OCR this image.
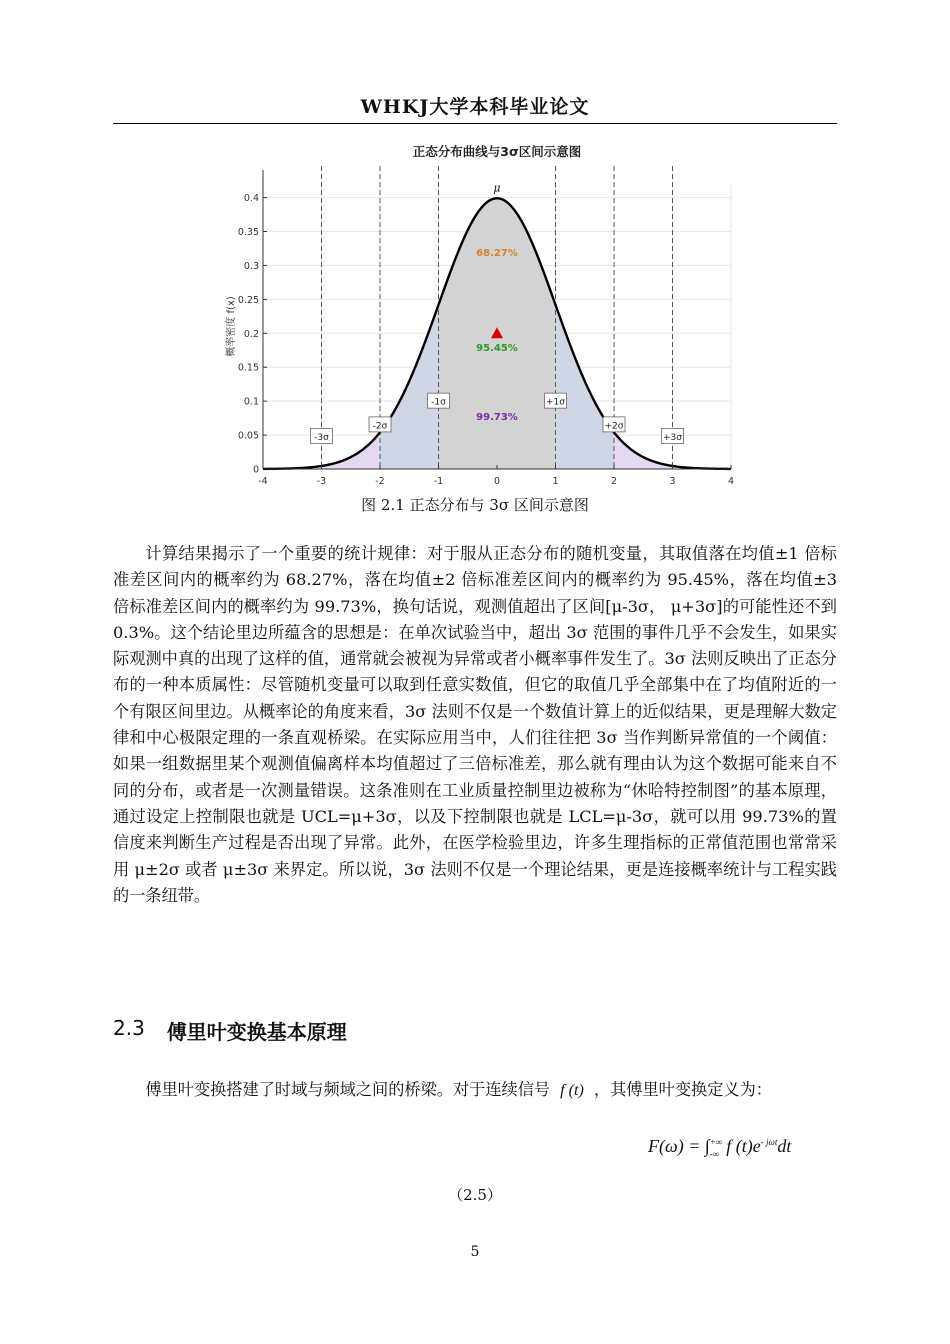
WHKJ大学本科毕业论文
正态分布曲线与3σ区间示意图
-4	-3	-2	-1	0	1	2	3	4
0
0.05
0.1
0.15
0.2
0.25
0.3
0.35
0.4
概率密度 f(x)
μ
-3σ
-2σ
-1σ	+1σ
+2σ
+3σ
68.27%
95.45%
99.73%
图 2.1 正态分布与 3σ 区间示意图

计算结果揭示了一个重要的统计规律：对于服从正态分布的随机变量，其取值落在均值±1 倍标准差区间内的概率约为 68.27%，落在均值±2 倍标准差区间内的概率约为 95.45%，落在均值±3 倍标准差区间内的概率约为 99.73%，换句话说，观测值超出了区间[μ-3σ， μ+3σ]的可能性还不到 0.3%。这个结论里边所蕴含的思想是：在单次试验当中，超出 3σ 范围的事件几乎不会发生，如果实际观测中真的出现了这样的值，通常就会被视为异常或者小概率事件发生了。3σ 法则反映出了正态分布的一种本质属性：尽管随机变量可以取到任意实数值，但它的取值几乎全部集中在了均值附近的一个有限区间里边。从概率论的角度来看，3σ 法则不仅是一个数值计算上的近似结果，更是理解大数定律和中心极限定理的一条直观桥梁。在实际应用当中，人们往往把 3σ 当作判断异常值的一个阈值：如果一组数据里某个观测值偏离样本均值超过了三倍标准差，那么就有理由认为这个数据可能来自不同的分布，或者是一次测量错误。这条准则在工业质量控制里边被称为“休哈特控制图”的基本原理，通过设定上控制限也就是 UCL=μ+3σ，以及下控制限也就是 LCL=μ-3σ，就可以用 99.73%的置信度来判断生产过程是否出现了异常。此外，在医学检验里边，许多生理指标的正常值范围也常常采用 μ±2σ 或者 μ±3σ 来界定。所以说，3σ 法则不仅是一个理论结果，更是连接概率统计与工程实践的一条纽带。

2.3 傅里叶变换基本原理

傅里叶变换搭建了时域与频域之间的桥梁。对于连续信号 f (t) ，其傅里叶变换定义为：

F(ω) = ∫ +∞
-∞ f $(t)e^{- j\omega t}dt$
（2.5）
5
